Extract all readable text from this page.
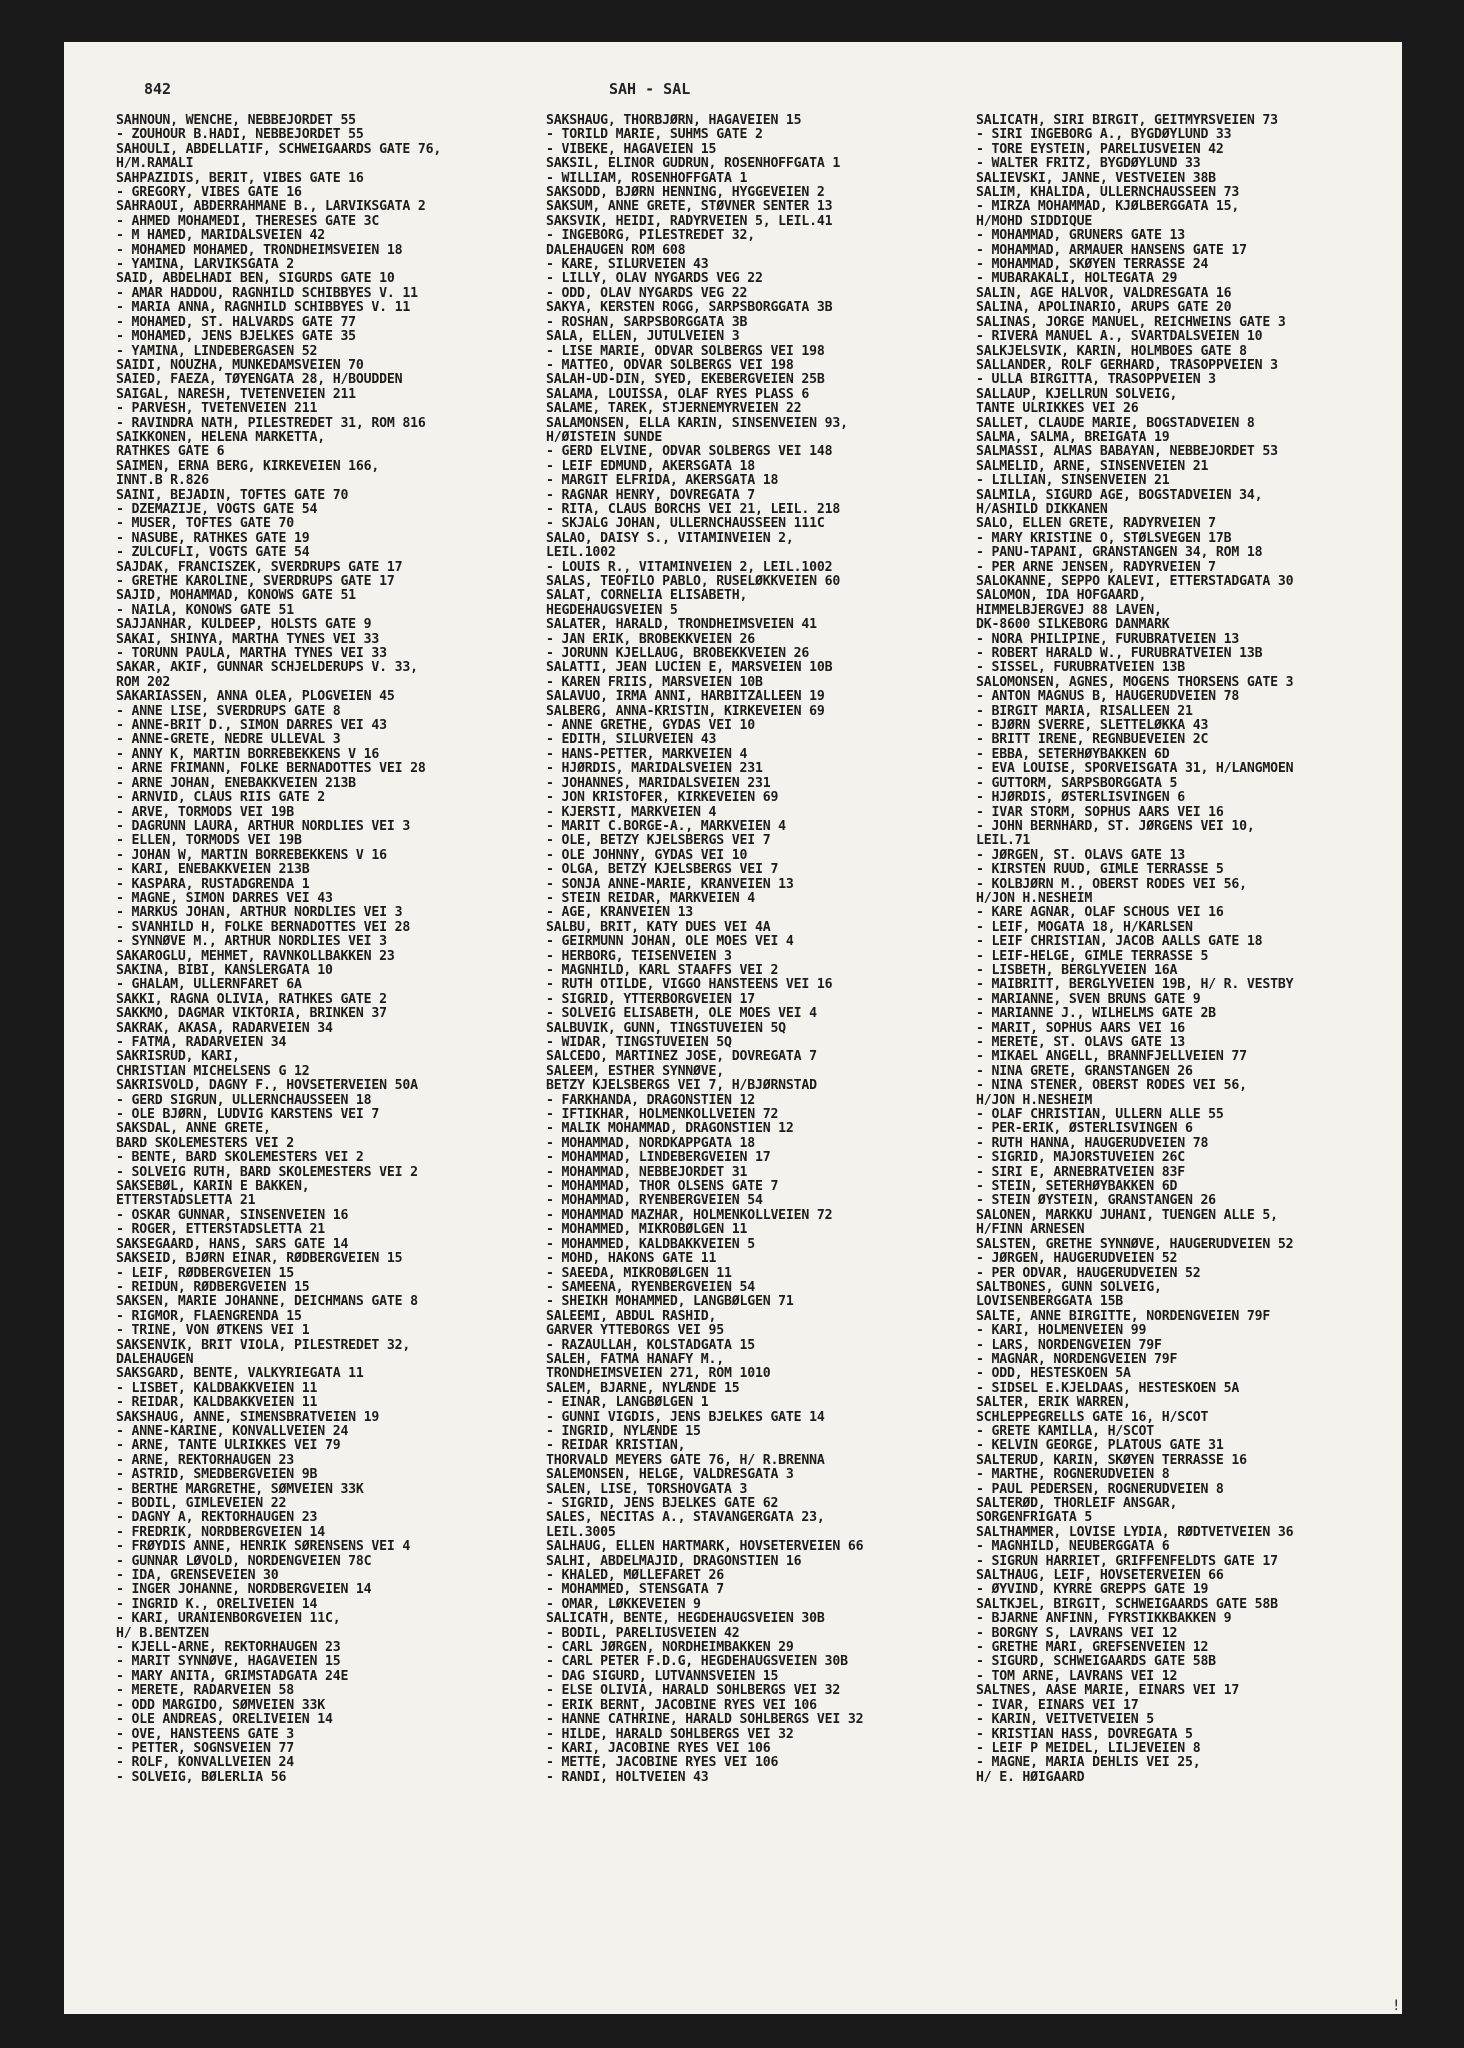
842	SAH - SAL
SAHNOUN, WENCHE, NEBBEJORDET 55
- ZOUHOUR B.HADI, NEBBEJORDET 55
SAHOULI, ABDELLATIF, SCHWEIGAARDS GATE 76,
H/M.RAMALI
SAHPAZIDIS, BERIT, VIBES GATE 16
- GREGORY, VIBES GATE 16
SAHRAOUI, ABDERRAHMANE B., LARVIKSGATA 2
- AHMED MOHAMEDI, THERESES GATE 3C
- M HAMED, MARIDALSVEIEN 42
- MOHAMED MOHAMED, TRONDHEIMSVEIEN 18
- YAMINA, LARVIKSGATA 2
SAID, ABDELHADI BEN, SIGURDS GATE 10
- AMAR HADDOU, RAGNHILD SCHIBBYES V. 11
- MARIA ANNA, RAGNHILD SCHIBBYES V. 11
- MOHAMED, ST. HALVARDS GATE 77
- MOHAMED, JENS BJELKES GATE 35
- YAMINA, LINDEBERGÅSEN 52
SAIDI, NOUZHA, MUNKEDAMSVEIEN 70
SAIED, FAEZA, TØYENGATA 28, H/BOUDDEN
SAIGAL, NARESH, TVETENVEIEN 211
- PARVESH, TVETENVEIEN 211
- RAVINDRA NATH, PILESTREDET 31, ROM 816
SAIKKONEN, HELENA MARKETTA,
RATHKES GATE 6
SAIMEN, ERNA BERG, KIRKEVEIEN 166,
INNT.B R.826
SAINI, BEJADIN, TOFTES GATE 70
- DZEMAZIJE, VOGTS GATE 54
- MUSER, TOFTES GATE 70
- NASUBE, RATHKES GATE 19
- ZULCUFLI, VOGTS GATE 54
SAJDAK, FRANCISZEK, SVERDRUPS GATE 17
- GRETHE KAROLINE, SVERDRUPS GATE 17
SAJID, MOHAMMAD, KONOWS GATE 51
- NAILA, KONOWS GATE 51
SAJJANHAR, KULDEEP, HOLSTS GATE 9
SAKAI, SHINYA, MARTHA TYNES VEI 33
- TORUNN PAULA, MARTHA TYNES VEI 33
SAKAR, AKIF, GUNNAR SCHJELDERUPS V. 33,
ROM 202
SAKARIASSEN, ANNA OLEA, PLOGVEIEN 45
- ANNE LISE, SVERDRUPS GATE 8
- ANNE-BRIT D., SIMON DARRES VEI 43
- ANNE-GRETE, NEDRE ULLEVAL 3
- ANNY K, MARTIN BORREBEKKENS V 16
- ARNE FRIMANN, FOLKE BERNADOTTES VEI 28
- ARNE JOHAN, ENEBAKKVEIEN 213B
- ARNVID, CLAUS RIIS GATE 2
- ARVE, TORMODS VEI 19B
- DAGRUNN LAURA, ARTHUR NORDLIES VEI 3
- ELLEN, TORMODS VEI 19B
- JOHAN W, MARTIN BORREBEKKENS V 16
- KARI, ENEBAKKVEIEN 213B
- KASPARA, RUSTADGRENDA 1
- MAGNE, SIMON DARRES VEI 43
- MARKUS JOHAN, ARTHUR NORDLIES VEI 3
- SVANHILD H, FOLKE BERNADOTTES VEI 28
- SYNNØVE M., ARTHUR NORDLIES VEI 3
SAKAROGLU, MEHMET, RAVNKOLLBAKKEN 23
SAKINA, BIBI, KANSLERGATA 10
- GHALAM, ULLERNFARET 6A
SAKKI, RAGNA OLIVIA, RATHKES GATE 2
SAKKMO, DAGMAR VIKTORIA, BRINKEN 37
SAKRAK, AKASA, RADARVEIEN 34
- FATMA, RADARVEIEN 34
SAKRISRUD, KARI,
CHRISTIAN MICHELSENS G 12
SAKRISVOLD, DAGNY F., HOVSETERVEIEN 50A
- GERD SIGRUN, ULLERNCHAUSSEEN 18
- OLE BJØRN, LUDVIG KARSTENS VEI 7
SAKSDAL, ANNE GRETE,
BÅRD SKOLEMESTERS VEI 2
- BENTE, BÅRD SKOLEMESTERS VEI 2
- SOLVEIG RUTH, BÅRD SKOLEMESTERS VEI 2
SAKSEBØL, KARIN E BAKKEN,
ETTERSTADSLETTA 21
- OSKAR GUNNAR, SINSENVEIEN 16
- ROGER, ETTERSTADSLETTA 21
SAKSEGAARD, HANS, SARS GATE 14
SAKSEID, BJØRN EINAR, RØDBERGVEIEN 15
- LEIF, RØDBERGVEIEN 15
- REIDUN, RØDBERGVEIEN 15
SAKSEN, MARIE JOHANNE, DEICHMANS GATE 8
- RIGMOR, FLAENGRENDA 15
- TRINE, VON ØTKENS VEI 1
SAKSENVIK, BRIT VIOLA, PILESTREDET 32,
DALEHAUGEN
SAKSGÅRD, BENTE, VALKYRIEGATA 11
- LISBET, KALDBAKKVEIEN 11
- REIDAR, KALDBAKKVEIEN 11
SAKSHAUG, ANNE, SIMENSBRÅTVEIEN 19
- ANNE-KARINE, KONVALLVEIEN 24
- ARNE, TANTE ULRIKKES VEI 79
- ARNE, REKTORHAUGEN 23
- ASTRID, SMEDBERGVEIEN 9B
- BERTHE MARGRETHE, SØMVEIEN 33K
- BODIL, GIMLEVEIEN 22
- DAGNY A, REKTORHAUGEN 23
- FREDRIK, NORDBERGVEIEN 14
- FRØYDIS ANNE, HENRIK SØRENSENS VEI 4
- GUNNAR LØVOLD, NORDENGVEIEN 78C
- IDA, GRENSEVEIEN 30
- INGER JOHANNE, NORDBERGVEIEN 14
- INGRID K., ORELIVEIEN 14
- KARI, URANIENBORGVEIEN 11C,
H/ B.BENTZEN
- KJELL-ARNE, REKTORHAUGEN 23
- MARIT SYNNØVE, HAGAVEIEN 15
- MARY ANITA, GRIMSTADGATA 24E
- MERETE, RADARVEIEN 58
- ODD MARGIDO, SØMVEIEN 33K
- OLE ANDREAS, ORELIVEIEN 14
- OVE, HANSTEENS GATE 3
- PETTER, SOGNSVEIEN 77
- ROLF, KONVALLVEIEN 24
- SOLVEIG, BØLERLIA 56
SAKSHAUG, THORBJØRN, HAGAVEIEN 15
- TORILD MARIE, SUHMS GATE 2
- VIBEKE, HAGAVEIEN 15
SAKSIL, ELINOR GUDRUN, ROSENHOFFGATA 1
- WILLIAM, ROSENHOFFGATA 1
SAKSODD, BJØRN HENNING, HYGGEVEIEN 2
SAKSUM, ANNE GRETE, STØVNER SENTER 13
SAKSVIK, HEIDI, RADYRVEIEN 5, LEIL.41
- INGEBORG, PILESTREDET 32,
DALEHAUGEN ROM 608
- KÅRE, SILURVEIEN 43
- LILLY, OLAV NYGARDS VEG 22
- ODD, OLAV NYGARDS VEG 22
SAKYA, KERSTEN RÖGG, SARPSBORGGATA 3B
- ROSHAN, SARPSBORGGATA 3B
SALA, ELLEN, JUTULVEIEN 3
- LISE MARIE, ODVAR SOLBERGS VEI 198
- MATTEO, ODVAR SOLBERGS VEI 198
SALAH-UD-DIN, SYED, EKEBERGVEIEN 25B
SALAMA, LOUISSA, OLAF RYES PLASS 6
SALAME, TAREK, STJERNEMYRVEIEN 22
SALAMONSEN, ELLA KARIN, SINSENVEIEN 93,
H/ØISTEIN SUNDE
- GERD ELVINE, ODVAR SOLBERGS VEI 148
- LEIF EDMUND, AKERSGATA 18
- MARGIT ELFRIDA, AKERSGATA 18
- RAGNAR HENRY, DOVREGATA 7
- RITA, CLAUS BORCHS VEI 21, LEIL. 218
- SKJALG JOHAN, ULLERNCHAUSSEEN 111C
SALAO, DAISY S., VITAMINVEIEN 2,
LEIL.1002
- LOUIS R., VITAMINVEIEN 2, LEIL.1002
SALAS, TEÓFILO PABLO, RUSELØKKVEIEN 60
SALAT, CORNELIA ELISABETH,
HEGDEHAUGSVEIEN 5
SALATER, HARALD, TRONDHEIMSVEIEN 41
- JAN ERIK, BROBEKKVEIEN 26
- JORUNN KJELLAUG, BROBEKKVEIEN 26
SALATTI, JEAN LUCIEN E, MARSVEIEN 10B
- KAREN FRIIS, MARSVEIEN 10B
SALAVUO, IRMA ANNI, HARBITZALLEEN 19
SALBERG, ANNA-KRISTIN, KIRKEVEIEN 69
- ANNE GRETHE, GYDAS VEI 10
- EDITH, SILURVEIEN 43
- HANS-PETTER, MARKVEIEN 4
- HJØRDIS, MARIDALSVEIEN 231
- JOHANNES, MARIDALSVEIEN 231
- JON KRISTOFER, KIRKEVEIEN 69
- KJERSTI, MARKVEIEN 4
- MARIT C.BORGE-A., MARKVEIEN 4
- OLE, BETZY KJELSBERGS VEI 7
- OLE JOHNNY, GYDAS VEI 10
- OLGA, BETZY KJELSBERGS VEI 7
- SONJA ANNE-MARIE, KRANVEIEN 13
- STEIN REIDAR, MARKVEIEN 4
- ÅGE, KRANVEIEN 13
SALBU, BRIT, KATY DUES VEI 4A
- GEIRMUNN JOHAN, OLE MOES VEI 4
- HERBORG, TEISENVEIEN 3
- MAGNHILD, KARL STAAFFS VEI 2
- RUTH OTILDE, VIGGO HANSTEENS VEI 16
- SIGRID, YTTERBORGVEIEN 17
- SOLVEIG ELISABETH, OLE MOES VEI 4
SALBUVIK, GUNN, TINGSTUVEIEN 5Q
- WIDAR, TINGSTUVEIEN 5Q
SALCEDO, MARTINEZ JOSE, DOVREGATA 7
SALEEM, ESTHER SYNNØVE,
BETZY KJELSBERGS VEI 7, H/BJØRNSTAD
- FARKHANDA, DRAGONSTIEN 12
- IFTIKHAR, HOLMENKOLLVEIEN 72
- MALIK MOHAMMAD, DRAGONSTIEN 12
- MOHAMMAD, NORDKAPPGATA 18
- MOHAMMAD, LINDEBERGVEIEN 17
- MOHAMMAD, NEBBEJORDET 31
- MOHAMMAD, THOR OLSENS GATE 7
- MOHAMMAD, RYENBERGVEIEN 54
- MOHAMMAD MAZHAR, HOLMENKOLLVEIEN 72
- MOHAMMED, MIKROBØLGEN 11
- MOHAMMED, KALDBAKKVEIEN 5
- MOHD, HÅKONS GATE 11
- SAEEDA, MIKROBØLGEN 11
- SAMEENA, RYENBERGVEIEN 54
- SHEIKH MOHAMMED, LANGBØLGEN 71
SALEEMI, ABDUL RASHID,
GARVER YTTEBORGS VEI 95
- RAZAULLAH, KOLSTADGATA 15
SALEH, FATMA HANAFY M.,
TRONDHEIMSVEIEN 271, ROM 1010
SALEM, BJARNE, NYLÆNDE 15
- EINAR, LANGBØLGEN 1
- GUNNI VIGDIS, JENS BJELKES GATE 14
- INGRID, NYLÆNDE 15
- REIDAR KRISTIAN,
THORVALD MEYERS GATE 76, H/ R.BRENNA
SALEMONSEN, HELGE, VALDRESGATA 3
SALEN, LISE, TORSHOVGATA 3
- SIGRID, JENS BJELKES GATE 62
SALES, NECITAS A., STAVANGERGATA 23,
LEIL.3005
SALHAUG, ELLEN HARTMARK, HOVSETERVEIEN 66
SALHI, ABDELMAJID, DRAGONSTIEN 16
- KHALED, MØLLEFARET 26
- MOHAMMED, STENSGATA 7
- OMAR, LØKKEVEIEN 9
SALICATH, BENTE, HEGDEHAUGSVEIEN 30B
- BODIL, PARELIUSVEIEN 42
- CARL JØRGEN, NORDHEIMBAKKEN 29
- CARL PETER F.D.G, HEGDEHAUGSVEIEN 30B
- DAG SIGURD, LUTVANNSVEIEN 15
- ELSE OLIVIA, HARALD SOHLBERGS VEI 32
- ERIK BERNT, JACOBINE RYES VEI 106
- HANNE CATHRINE, HARALD SOHLBERGS VEI 32
- HILDE, HARALD SOHLBERGS VEI 32
- KARI, JACOBINE RYES VEI 106
- METTE, JACOBINE RYES VEI 106
- RANDI, HOLTVEIEN 43
SALICATH, SIRI BIRGIT, GEITMYRSVEIEN 73
- SIRI INGEBORG A., BYGDØYLUND 33
- TORE EYSTEIN, PARELIUSVEIEN 42
- WALTER FRITZ, BYGDØYLUND 33
SALIEVSKI, JANNE, VESTVEIEN 38B
SALIM, KHALIDA, ULLERNCHAUSSEEN 73
- MIRZA MOHAMMAD, KJØLBERGGATA 15,
H/MOHD SIDDIQUE
- MOHAMMAD, GRÜNERS GATE 13
- MOHAMMAD, ARMAUER HANSENS GATE 17
- MOHAMMAD, SKØYEN TERRASSE 24
- MUBARAKALI, HOLTEGATA 29
SALIN, ÅGE HALVOR, VALDRESGATA 16
SALINA, APOLINARIO, ARUPS GATE 20
SALINAS, JORGE MANUEL, REICHWEINS GATE 3
- RIVERA MANUEL A., SVARTDALSVEIEN 10
SALKJELSVIK, KARIN, HOLMBOES GATE 8
SALLANDER, ROLF GERHARD, TRASOPPVEIEN 3
- ULLA BIRGITTA, TRASOPPVEIEN 3
SALLAUP, KJELLRUN SOLVEIG,
TANTE ULRIKKES VEI 26
SALLET, CLAUDE MARIE, BOGSTADVEIEN 8
SALMA, SALMA, BREIGATA 19
SALMASSI, ALMAS BABAYAN, NEBBEJORDET 53
SALMELID, ARNE, SINSENVEIEN 21
- LILLIAN, SINSENVEIEN 21
SALMILA, SIGURD ÅGE, BOGSTADVEIEN 34,
H/ÅSHILD DIKKANEN
SALO, ELLEN GRETE, RÅDYRVEIEN 7
- MARY KRISTINE O, STØLSVEGEN 17B
- PANU-TAPANI, GRANSTANGEN 34, ROM 18
- PER ARNE JENSEN, RÅDYRVEIEN 7
SALOKANNE, SEPPO KALEVI, ETTERSTADGATA 30
SALOMON, IDA HOFGAARD,
HIMMELBJERGVEJ 88 LAVEN,
DK-8600 SILKEBORG DANMARK
- NORA PHILIPINE, FURUBRÅTVEIEN 13
- ROBERT HARALD W., FURUBRÅTVEIEN 13B
- SISSEL, FURUBRÅTVEIEN 13B
SALOMONSEN, AGNES, MOGENS THORSENS GATE 3
- ANTON MAGNUS B, HAUGERUDVEIEN 78
- BIRGIT MARIA, RISALLEEN 21
- BJØRN SVERRE, SLETTELØKKA 43
- BRITT IRENE, REGNBUEVEIEN 2C
- EBBA, SETERHØYBAKKEN 6D
- EVA LOUISE, SPORVEISGATA 31, H/LANGMOEN
- GUTTORM, SARPSBORGGATA 5
- HJØRDIS, ØSTERLISVINGEN 6
- IVAR STORM, SOPHUS AARS VEI 16
- JOHN BERNHARD, ST. JØRGENS VEI 10,
LEIL.71
- JØRGEN, ST. OLAVS GATE 13
- KIRSTEN RUUD, GIMLE TERRASSE 5
- KOLBJØRN M., OBERST RODES VEI 56,
H/JON H.NESHEIM
- KÅRE AGNAR, OLAF SCHOUS VEI 16
- LEIF, MOGATA 18, H/KARLSEN
- LEIF CHRISTIAN, JACOB AALLS GATE 18
- LEIF-HELGE, GIMLE TERRASSE 5
- LISBETH, BERGLYVEIEN 16A
- MAIBRITT, BERGLYVEIEN 19B, H/ R. VESTBY
- MARIANNE, SVEN BRUNS GATE 9
- MARIANNE J., WILHELMS GATE 2B
- MARIT, SOPHUS AARS VEI 16
- MERETE, ST. OLAVS GATE 13
- MIKAEL ANGELL, BRANNFJELLVEIEN 77
- NINA GRETE, GRANSTANGEN 26
- NINA STENER, OBERST RODES VEI 56,
H/JON H.NESHEIM
- OLAF CHRISTIAN, ULLERN ALLE 55
- PER-ERIK, ØSTERLISVINGEN 6
- RUTH HANNA, HAUGERUDVEIEN 78
- SIGRID, MAJORSTUVEIEN 26C
- SIRI E, ARNEBRÅTVEIEN 83F
- STEIN, SETERHØYBAKKEN 6D
- STEIN ØYSTEIN, GRANSTANGEN 26
SALONEN, MARKKU JUHANI, TUENGEN ALLE 5,
H/FINN ARNESEN
SALSTEN, GRETHE SYNNØVE, HAUGERUDVEIEN 52
- JØRGEN, HAUGERUDVEIEN 52
- PER ODVAR, HAUGERUDVEIEN 52
SALTBONES, GUNN SOLVEIG,
LOVISENBERGGATA 15B
SALTE, ANNE BIRGITTE, NORDENGVEIEN 79F
- KARI, HOLMENVEIEN 99
- LARS, NORDENGVEIEN 79F
- MAGNAR, NORDENGVEIEN 79F
- ODD, HESTESKOEN 5A
- SIDSEL E.KJELDAAS, HESTESKOEN 5A
SALTER, ERIK WARREN,
SCHLEPPEGRELLS GATE 16, H/SCOT
- GRETE KAMILLA, H/SCOT
- KELVIN GEORGE, PLATOUS GATE 31
SALTERUD, KARIN, SKØYEN TERRASSE 16
- MARTHE, ROGNERUDVEIEN 8
- PAUL PEDERSEN, ROGNERUDVEIEN 8
SALTERØD, THORLEIF ANSGAR,
SORGENFRIGATA 5
SALTHAMMER, LOVISE LYDIA, RØDTVETVEIEN 36
- MAGNHILD, NEUBERGGATA 6
- SIGRUN HARRIET, GRIFFENFELDTS GATE 17
SALTHAUG, LEIF, HOVSETERVEIEN 66
- ØYVIND, KYRRE GREPPS GATE 19
SALTKJEL, BIRGIT, SCHWEIGAARDS GATE 58B
- BJARNE ANFINN, FYRSTIKKBAKKEN 9
- BORGNY S, LAVRANS VEI 12
- GRETHE MARI, GREFSENVEIEN 12
- SIGURD, SCHWEIGAARDS GATE 58B
- TOM ARNE, LAVRANS VEI 12
SALTNES, AASE MARIE, EINARS VEI 17
- IVAR, EINARS VEI 17
- KARIN, VEITVETVEIEN 5
- KRISTIAN HASS, DOVREGATA 5
- LEIF P MEIDEL, LILJEVEIEN 8
- MAGNE, MARIA DEHLIS VEI 25,
H/ E. HØIGAARD
!
